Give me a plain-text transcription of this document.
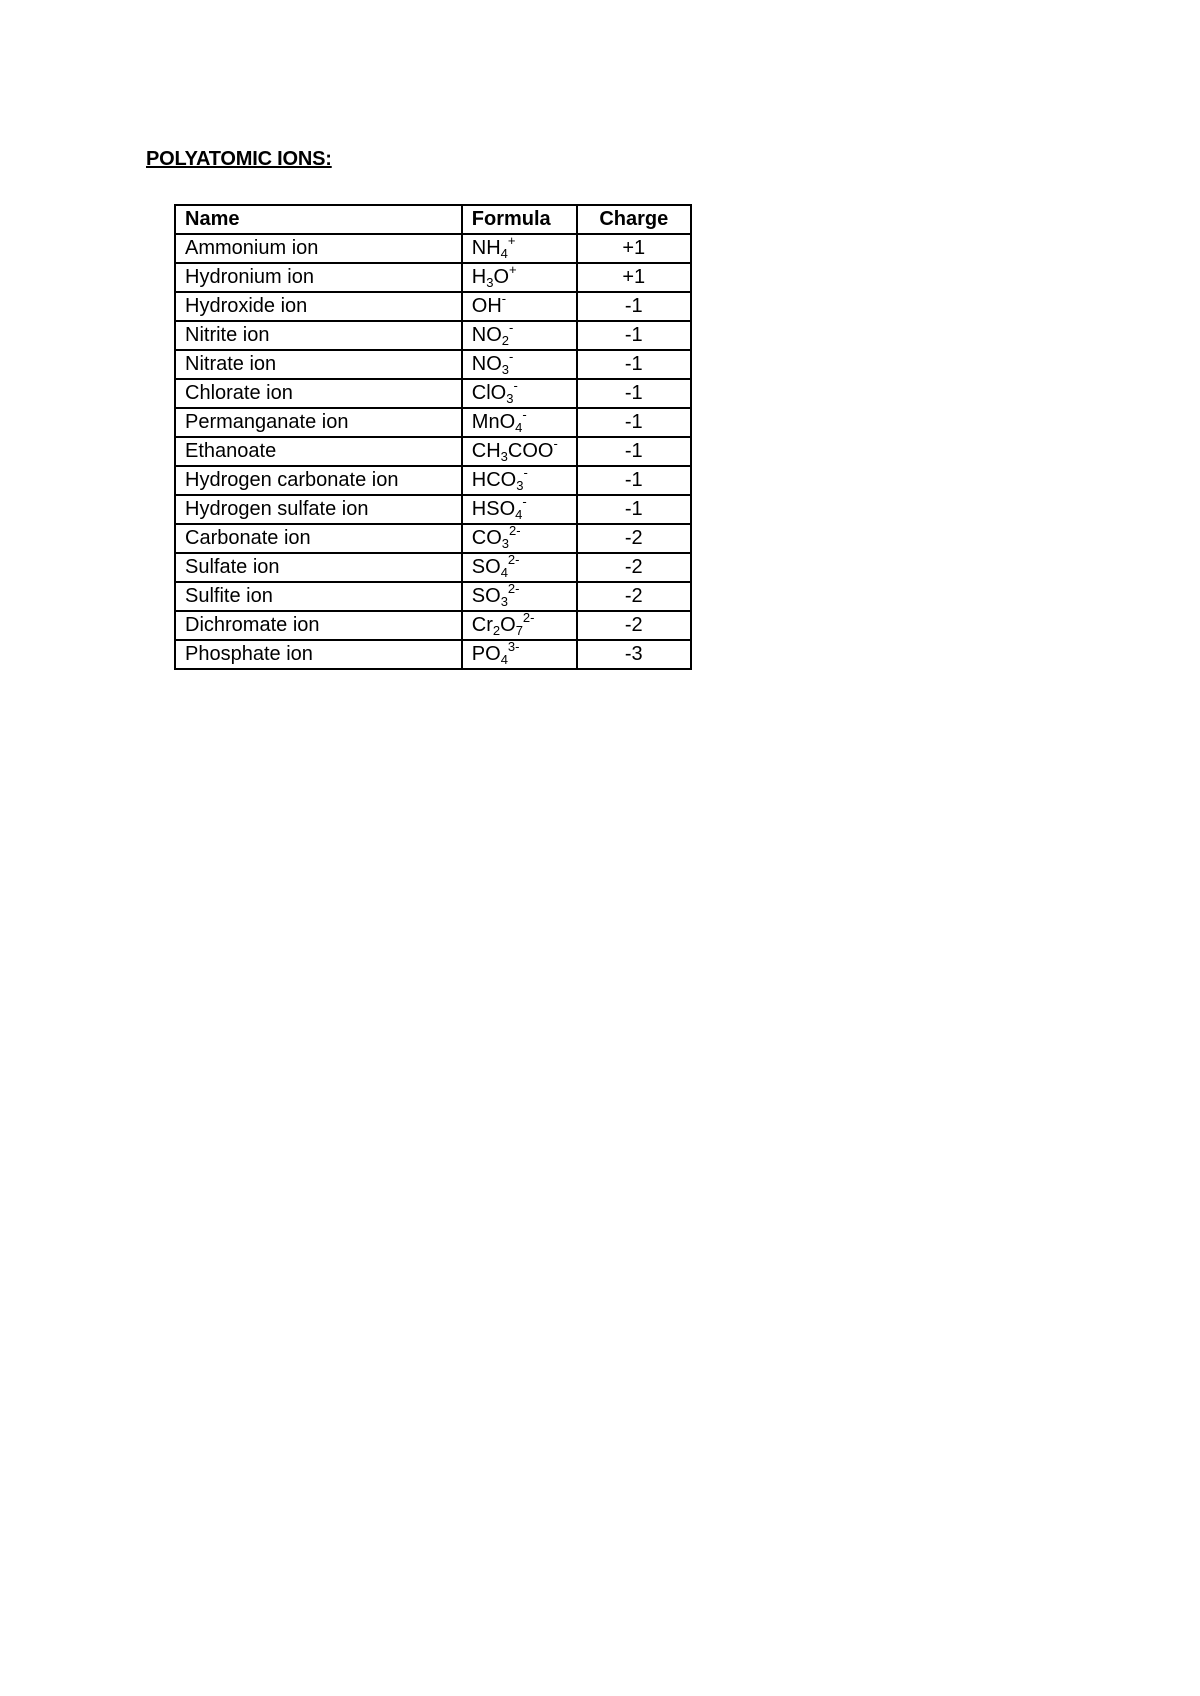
POLYATOMIC IONS:
Name	Formula	Charge
Ammonium ion	$NH_4^+$	+1
Hydronium ion	$H_3O^+$	+1
Hydroxide ion	OH-	-1
Nitrite ion	$NO_2^-$	-1
Nitrate ion	$NO_3^-$	-1
Chlorate ion	ClO$_3$-	-1
Permanganate ion	MnO$_4$-	-1
Ethanoate	$CH_3COO^-$	-1
Hydrogen carbonate ion	$HCO_3^-$	-1
Hydrogen sulfate ion	$HSO_4^-$	-1
Carbonate ion	$CO_3^{2-}$	-2
Sulfate ion	$SO_4^{2-}$	-2
Sulfite ion	$SO_3^{2-}$	-2
Dichromate ion	$Cr_2O_7^{2-}$	-2
Phosphate ion	$PO_4^{3-}$	-3
